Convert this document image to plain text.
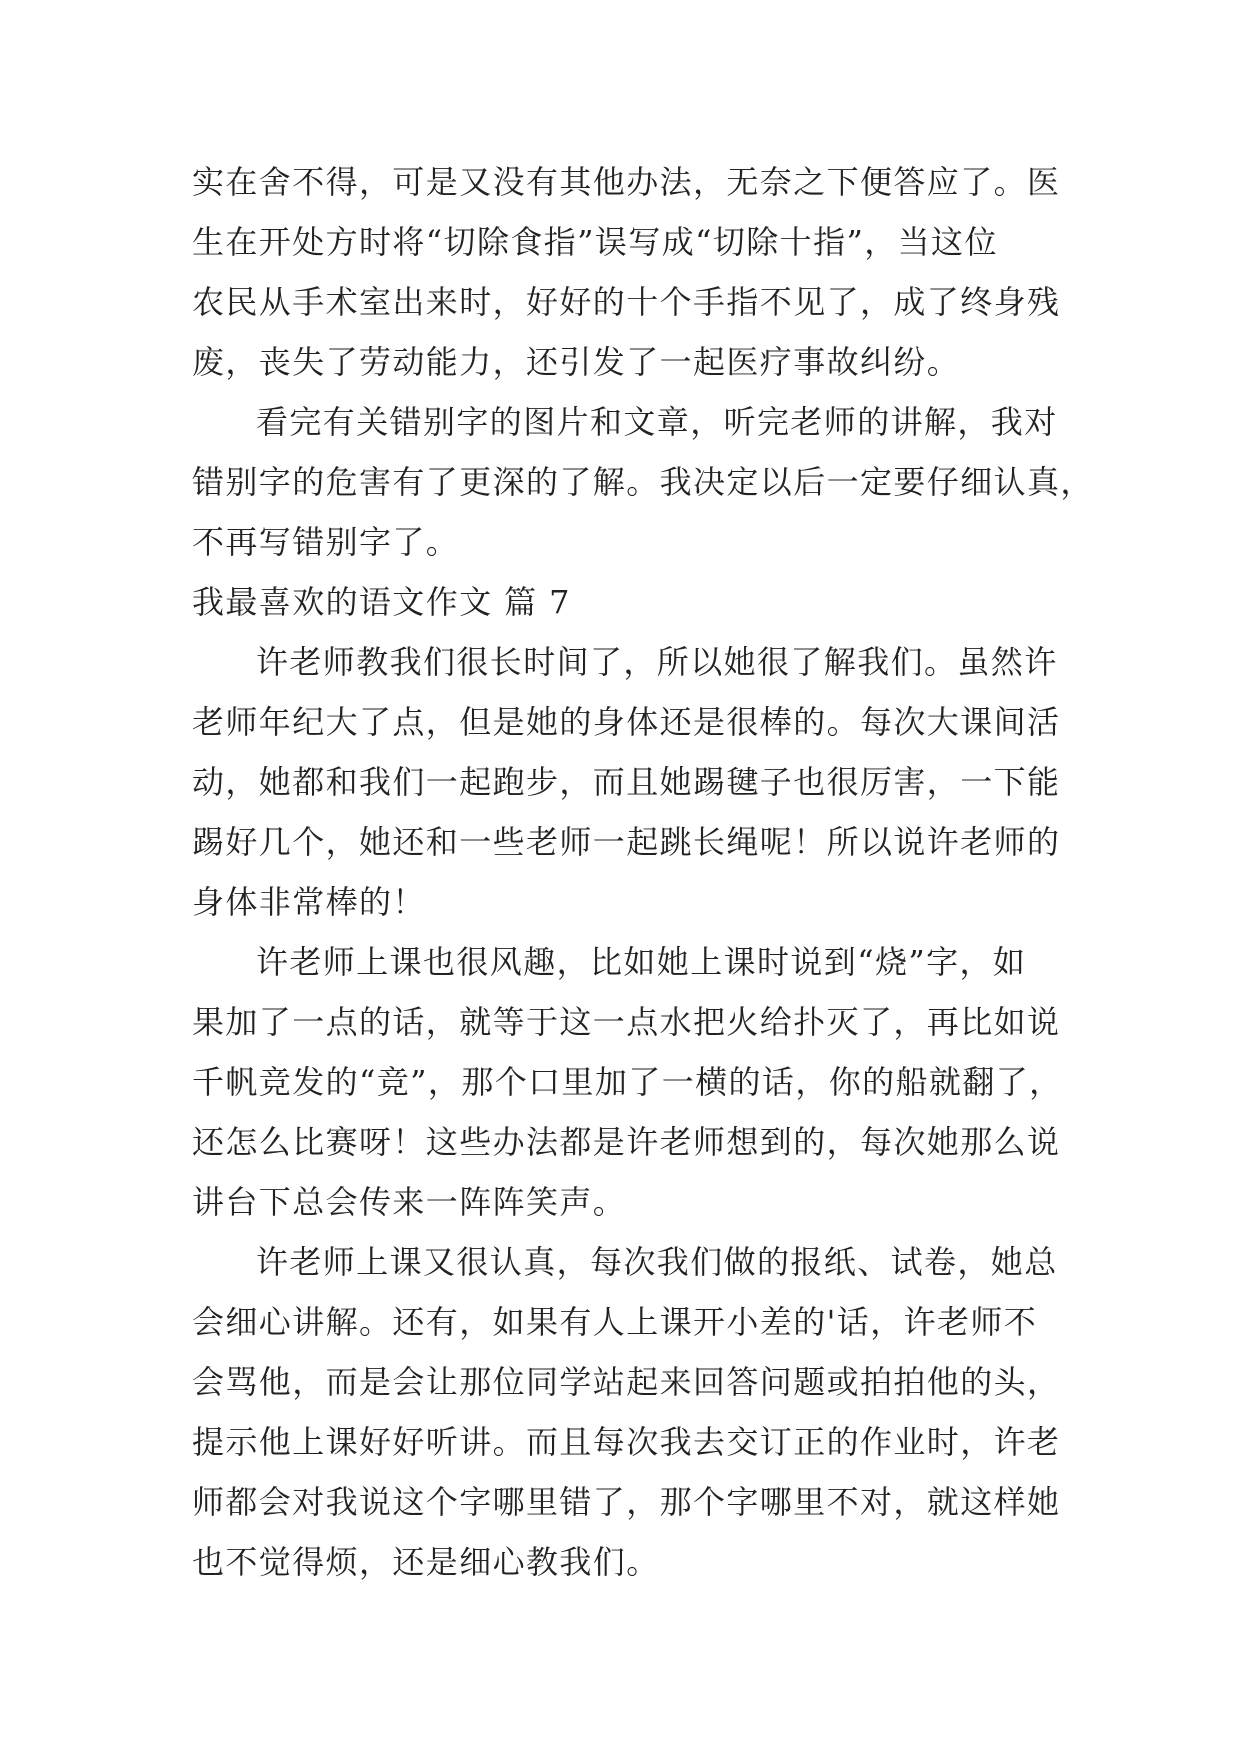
实在舍不得，可是又没有其他办法，无奈之下便答应了。医
生在开处方时将“切除食指”误写成“切除十指”，当这位
农民从手术室出来时，好好的十个手指不见了，成了终身残
废，丧失了劳动能力，还引发了一起医疗事故纠纷。
看完有关错别字的图片和文章，听完老师的讲解，我对
错别字的危害有了更深的了解。我决定以后一定要仔细认真，
不再写错别字了。
我最喜欢的语文作文 篇 7
许老师教我们很长时间了，所以她很了解我们。虽然许
老师年纪大了点，但是她的身体还是很棒的。每次大课间活
动，她都和我们一起跑步，而且她踢毽子也很厉害，一下能
踢好几个，她还和一些老师一起跳长绳呢！所以说许老师的
身体非常棒的！
许老师上课也很风趣，比如她上课时说到“烧”字，如
果加了一点的话，就等于这一点水把火给扑灭了，再比如说
千帆竞发的“竞”，那个口里加了一横的话，你的船就翻了，
还怎么比赛呀！这些办法都是许老师想到的，每次她那么说
讲台下总会传来一阵阵笑声。
许老师上课又很认真，每次我们做的报纸、试卷，她总
会细心讲解。还有，如果有人上课开小差的'话，许老师不
会骂他，而是会让那位同学站起来回答问题或拍拍他的头，
提示他上课好好听讲。而且每次我去交订正的作业时，许老
师都会对我说这个字哪里错了，那个字哪里不对，就这样她
也不觉得烦，还是细心教我们。
